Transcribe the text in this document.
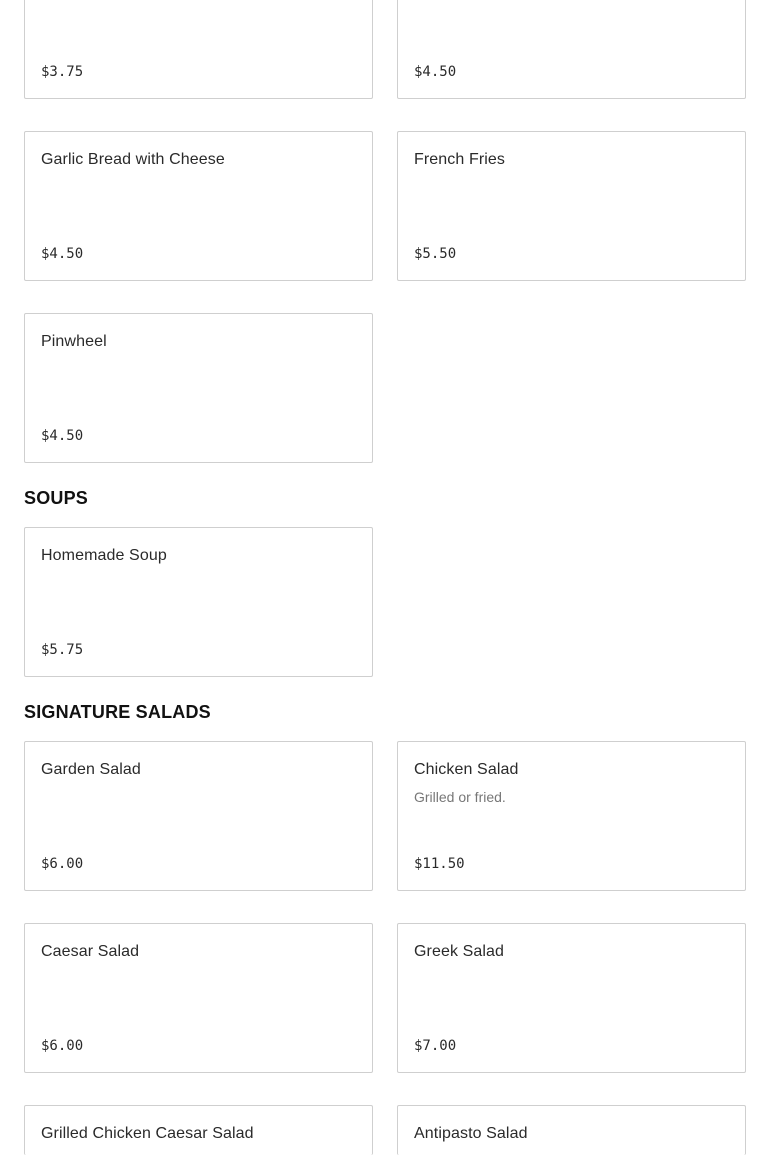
$3.75	$4.50
Garlic Bread with Cheese
$4.50
French Fries
$5.50
Pinwheel
$4.50
SOUPS
Homemade Soup
$5.75
SIGNATURE SALADS
Garden Salad
$6.00
Chicken Salad
Grilled or fried.
$11.50
Caesar Salad
$6.00
Greek Salad
$7.00
Grilled Chicken Caesar Salad	Antipasto Salad
